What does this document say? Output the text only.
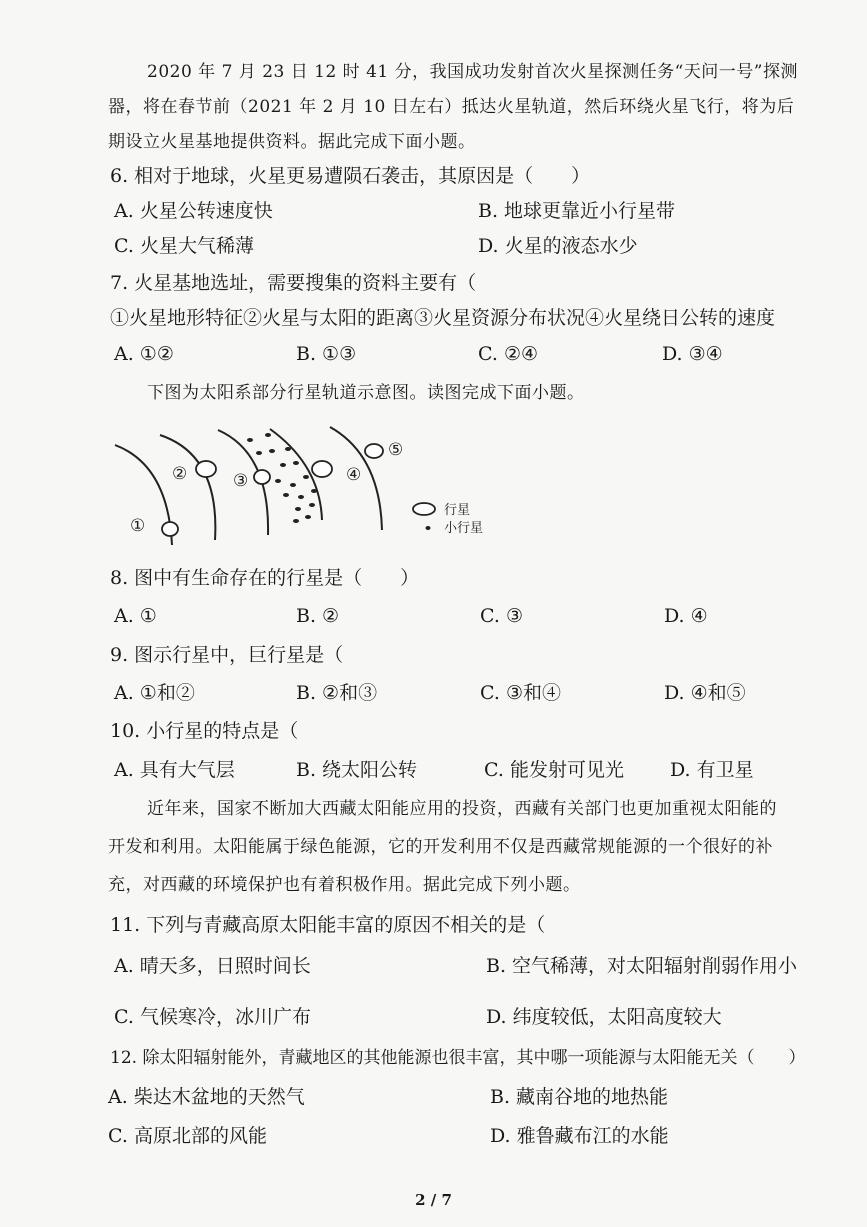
2020 年 7 月 23 日 12 时 41 分，我国成功发射首次火星探测任务“天问一号”探测
器，将在春节前（2021 年 2 月 10 日左右）抵达火星轨道，然后环绕火星飞行，将为后
期设立火星基地提供资料。据此完成下面小题。
6. 相对于地球，火星更易遭陨石袭击，其原因是（　　）
A. 火星公转速度快	B. 地球更靠近小行星带
C. 火星大气稀薄	D. 火星的液态水少
7. 火星基地选址，需要搜集的资料主要有（
①火星地形特征②火星与太阳的距离③火星资源分布状况④火星绕日公转的速度
A. ①②	B. ①③	C. ②④	D. ③④
下图为太阳系部分行星轨道示意图。读图完成下面小题。
①
②	③	④
⑤
行星
小行星
8. 图中有生命存在的行星是（　　）
A. ①	B. ②	C. ③	D. ④
9. 图示行星中，巨行星是（
A. ①和②	B. ②和③	C. ③和④	D. ④和⑤
10. 小行星的特点是（
A. 具有大气层	B. 绕太阳公转	C. 能发射可见光 D. 有卫星
近年来，国家不断加大西藏太阳能应用的投资，西藏有关部门也更加重视太阳能的
开发和利用。太阳能属于绿色能源，它的开发利用不仅是西藏常规能源的一个很好的补
充，对西藏的环境保护也有着积极作用。据此完成下列小题。
11. 下列与青藏高原太阳能丰富的原因不相关的是（
A. 晴天多，日照时间长	B. 空气稀薄，对太阳辐射削弱作用小
C. 气候寒冷，冰川广布	D. 纬度较低，太阳高度较大
12. 除太阳辐射能外，青藏地区的其他能源也很丰富，其中哪一项能源与太阳能无关（　　）
A. 柴达木盆地的天然气	B. 藏南谷地的地热能
C. 高原北部的风能	D. 雅鲁藏布江的水能
2 / 7
